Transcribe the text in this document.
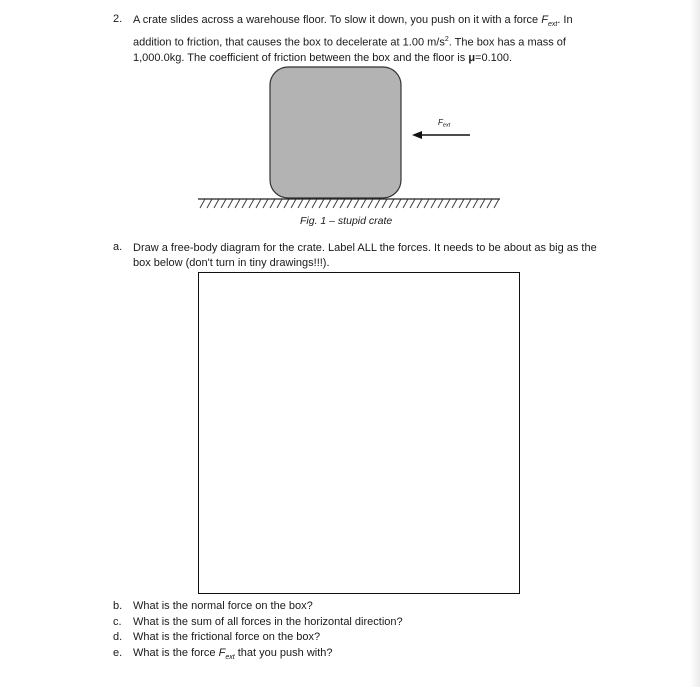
2. A crate slides across a warehouse floor. To slow it down, you push on it with a force $F_{ext}$. In addition to friction, that causes the box to decelerate at 1.00 $m/s^2$. The box has a mass of 1,000.0kg. The coefficient of friction between the box and the floor is μ=0.100.
Fext
Fig. 1 – stupid crate
a. Draw a free-body diagram for the crate. Label ALL the forces. It needs to be about as big as the box below (don't turn in tiny drawings!!!).
b. What is the normal force on the box?
c.	What is the sum of all forces in the horizontal direction?
d. What is the frictional force on the box?
e. What is the force $F_{ext}$ that you push with?
